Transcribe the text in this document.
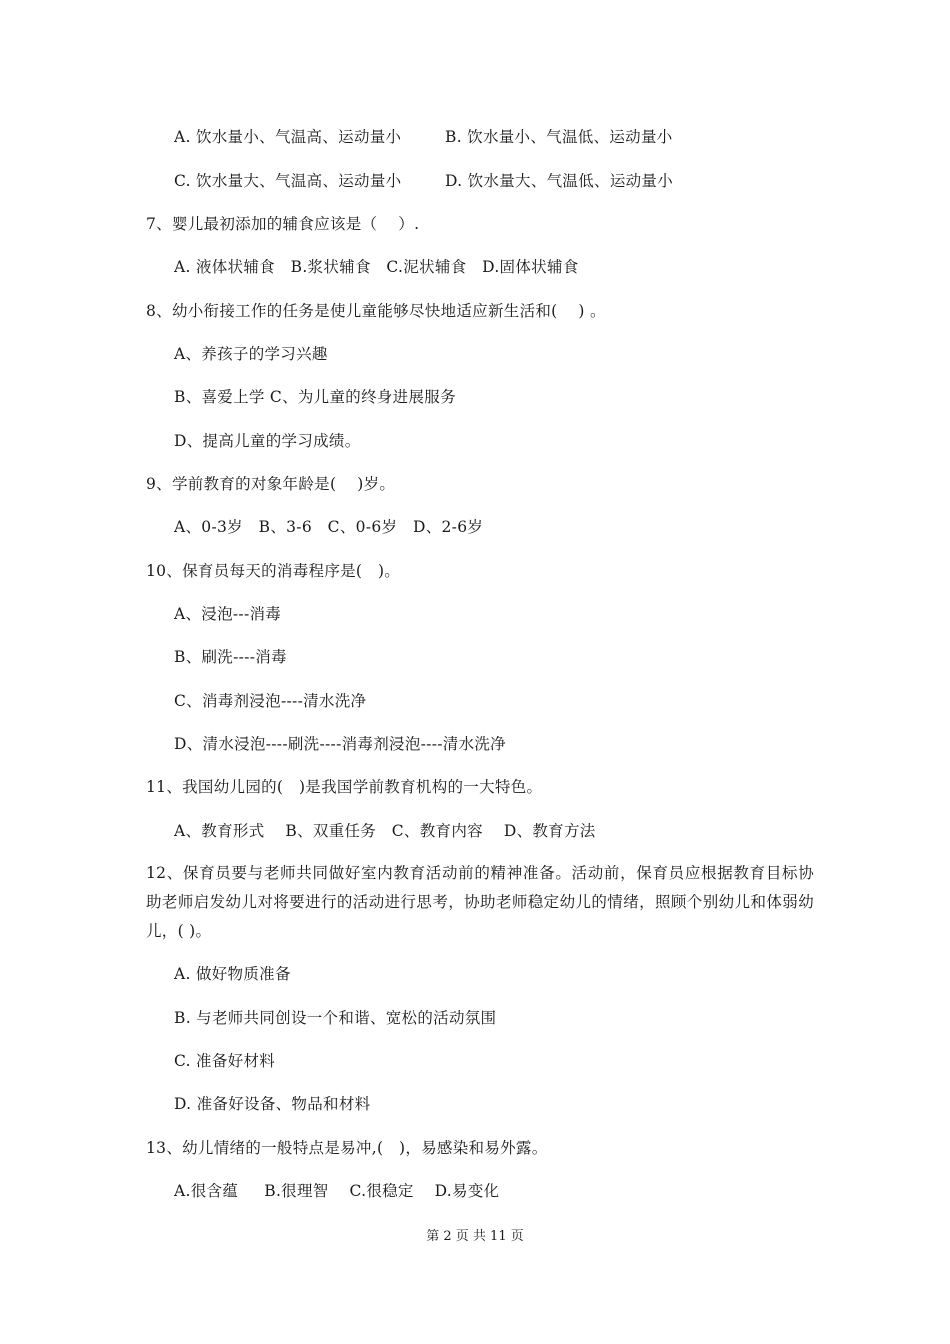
A. 饮水量小、气温高、运动量小	B. 饮水量小、气温低、运动量小
C. 饮水量大、气温高、运动量小	D. 饮水量大、气温低、运动量小
7、婴儿最初添加的辅食应该是（    ）.
A. 液体状辅食   B.浆状辅食   C.泥状辅食   D.固体状辅食
8、幼小衔接工作的任务是使儿童能够尽快地适应新生活和(    ) 。
A、养孩子的学习兴趣
B、喜爱上学 C、为儿童的终身进展服务
D、提高儿童的学习成绩。
9、学前教育的对象年龄是(    )岁。
A、0-3岁   B、3-6   C、0-6岁   D、2-6岁
10、保育员每天的消毒程序是(   )。
A、浸泡---消毒
B、刷洗----消毒
C、消毒剂浸泡----清水洗净
D、清水浸泡----刷洗----消毒剂浸泡----清水洗净
11、我国幼儿园的(   )是我国学前教育机构的一大特色。
A、教育形式    B、双重任务   C、教育内容    D、教育方法
12、保育员要与老师共同做好室内教育活动前的精神准备。活动前，保育员应根据教育目标协助老师启发幼儿对将要进行的活动进行思考，协助老师稳定幼儿的情绪，照顾个别幼儿和体弱幼儿，( )。
A. 做好物质准备
B. 与老师共同创设一个和谐、宽松的活动氛围
C. 准备好材料
D. 准备好设备、物品和材料
13、幼儿情绪的一般特点是易冲,(   )，易感染和易外露。
A.很含蕴     B.很理智    C.很稳定    D.易变化
第 2 页 共 11 页
